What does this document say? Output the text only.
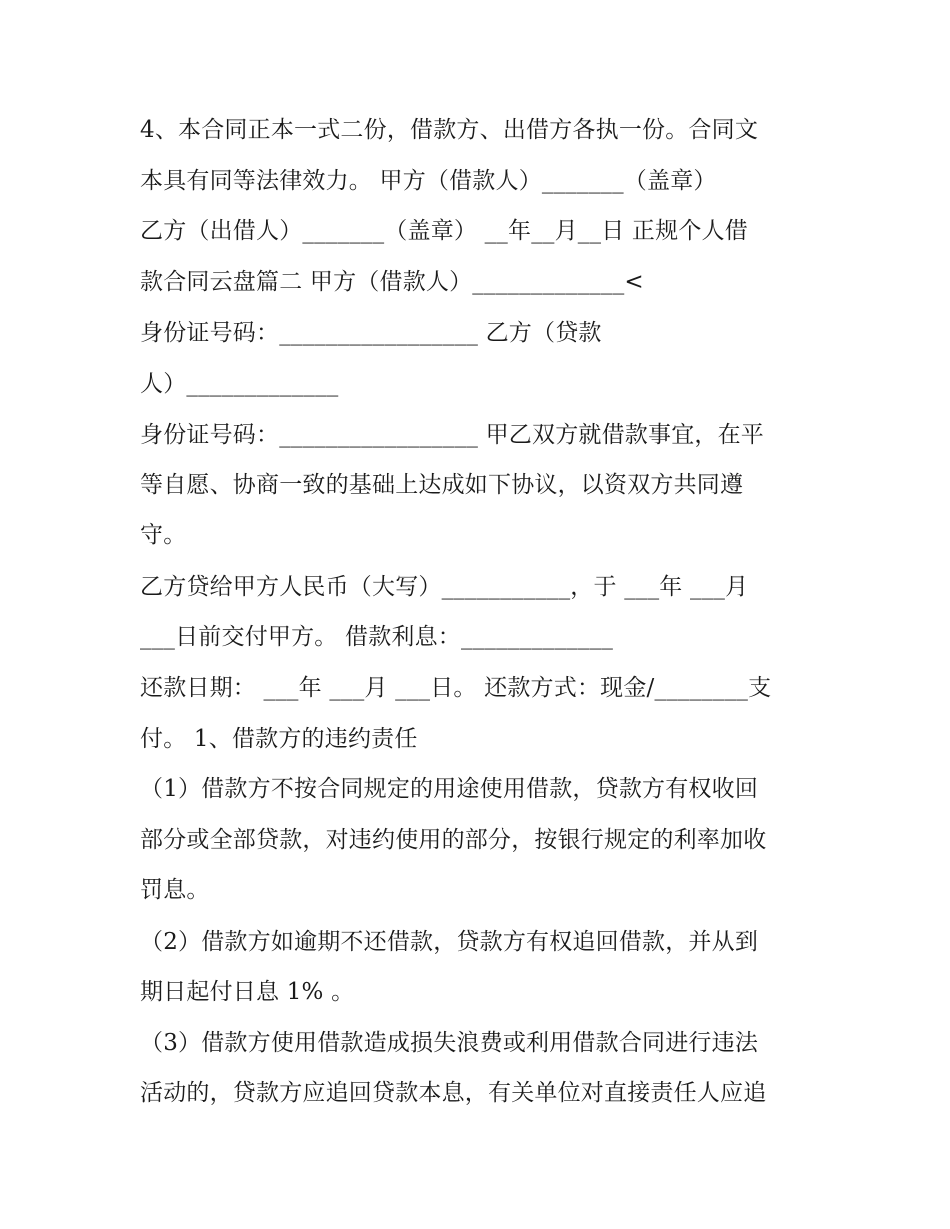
4、本合同正本一式二份，借款方、出借方各执一份。合同文
本具有同等法律效力。 甲方（借款人）_______（盖章）
乙方（出借人）_______（盖章） __年__月__日 正规个人借
款合同云盘篇二 甲方（借款人）_____________<
身份证号码：_________________ 乙方（贷款
人）_____________
身份证号码：_________________ 甲乙双方就借款事宜，在平
等自愿、协商一致的基础上达成如下协议，以资双方共同遵
守。
乙方贷给甲方人民币（大写）___________，于 ___年 ___月
___日前交付甲方。 借款利息：_____________
还款日期： ___年 ___月 ___日。 还款方式：现金/________支
付。 1、借款方的违约责任
（1）借款方不按合同规定的用途使用借款，贷款方有权收回
部分或全部贷款，对违约使用的部分，按银行规定的利率加收
罚息。
（2）借款方如逾期不还借款，贷款方有权追回借款，并从到
期日起付日息 1% 。
（3）借款方使用借款造成损失浪费或利用借款合同进行违法
活动的，贷款方应追回贷款本息，有关单位对直接责任人应追
